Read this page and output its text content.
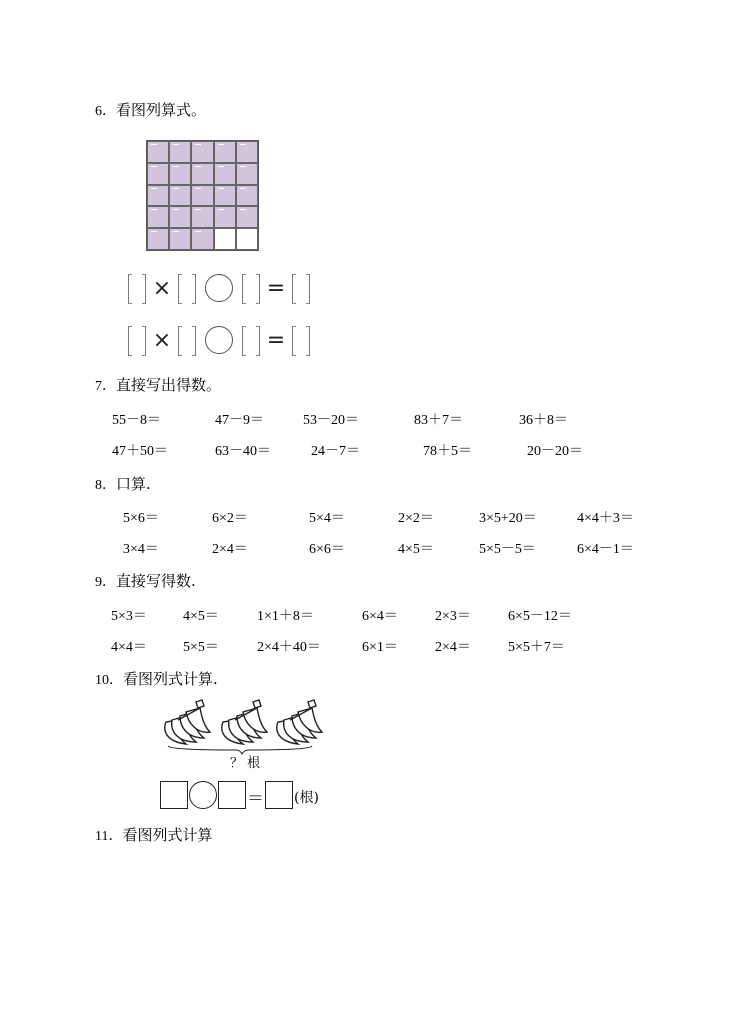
6．看图列算式。
×	=
×	=
7．直接写出得数。
55－8＝	47－9＝	53－20＝	83＋7＝	36＋8＝
47＋50＝	63－40＝	24－7＝	78＋5＝	20－20＝
8．口算.
5×6＝	6×2＝	5×4＝	2×2＝	3×5+20＝	4×4＋3＝
3×4＝	2×4＝	6×6＝	4×5＝	5×5－5＝	6×4－1＝
9．直接写得数.
5×3＝	4×5＝	1×1＋8＝	6×4＝	2×3＝	6×5－12＝
4×4＝	5×5＝	2×4＋40＝	6×1＝	2×4＝	5×5＋7＝
10．看图列式计算.
？ 根
＝ (根)
11．看图列式计算
